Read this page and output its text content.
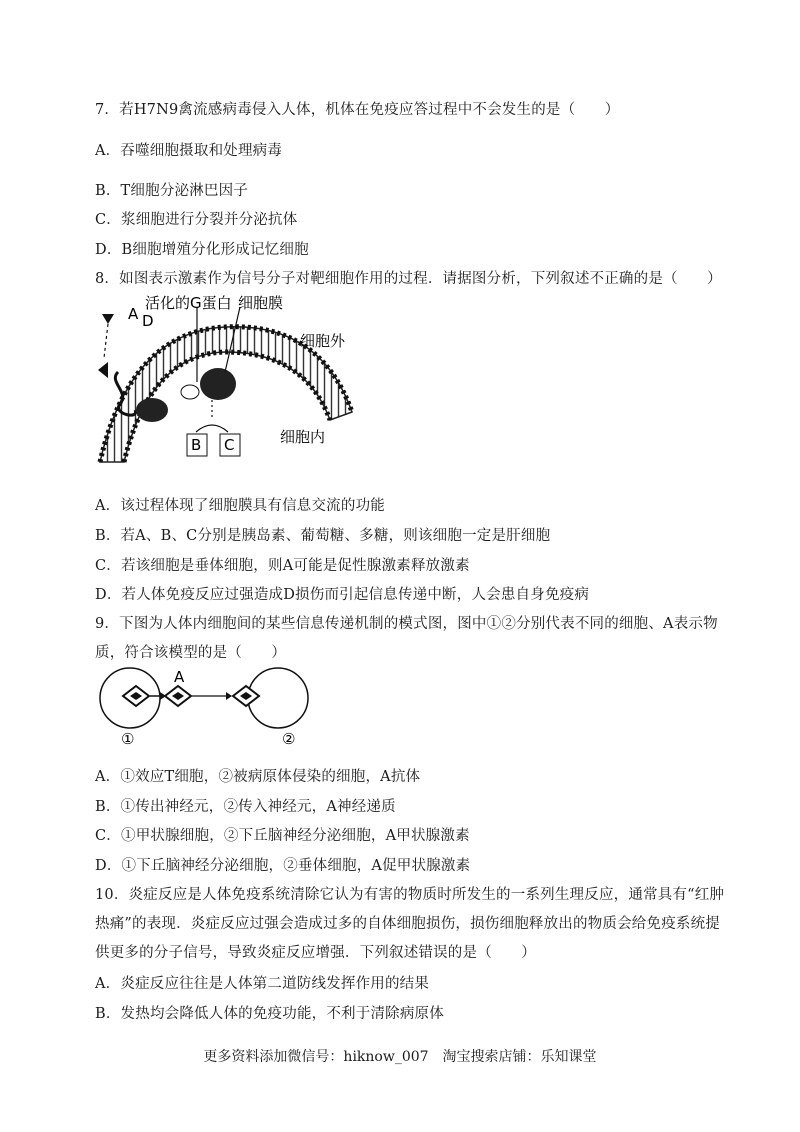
7．若H7N9禽流感病毒侵入人体，机体在免疫应答过程中不会发生的是（　　）
A．吞噬细胞摄取和处理病毒
B．T细胞分泌淋巴因子
C．浆细胞进行分裂并分泌抗体
D．B细胞增殖分化形成记忆细胞
8．如图表示激素作为信号分子对靶细胞作用的过程．请据图分析，下列叙述不正确的是（　　）
活化的G蛋白 细胞膜
细胞外
细胞内
A D
B C
A．该过程体现了细胞膜具有信息交流的功能
B．若A、B、C分别是胰岛素、葡萄糖、多糖，则该细胞一定是肝细胞
C．若该细胞是垂体细胞，则A可能是促性腺激素释放激素
D．若人体免疫反应过强造成D损伤而引起信息传递中断，人会患自身免疫病
9．下图为人体内细胞间的某些信息传递机制的模式图，图中①②分别代表不同的细胞、A表示物
质，符合该模型的是（　　）
A
①	②
A．①效应T细胞，②被病原体侵染的细胞，A抗体
B．①传出神经元，②传入神经元，A神经递质
C．①甲状腺细胞，②下丘脑神经分泌细胞，A甲状腺激素
D．①下丘脑神经分泌细胞，②垂体细胞，A促甲状腺激素
10．炎症反应是人体免疫系统清除它认为有害的物质时所发生的一系列生理反应，通常具有“红肿
热痛”的表现．炎症反应过强会造成过多的自体细胞损伤，损伤细胞释放出的物质会给免疫系统提
供更多的分子信号，导致炎症反应增强．下列叙述错误的是（　　）
A．炎症反应往往是人体第二道防线发挥作用的结果
B．发热均会降低人体的免疫功能，不利于清除病原体
更多资料添加微信号：hiknow_007　淘宝搜索店铺：乐知课堂
